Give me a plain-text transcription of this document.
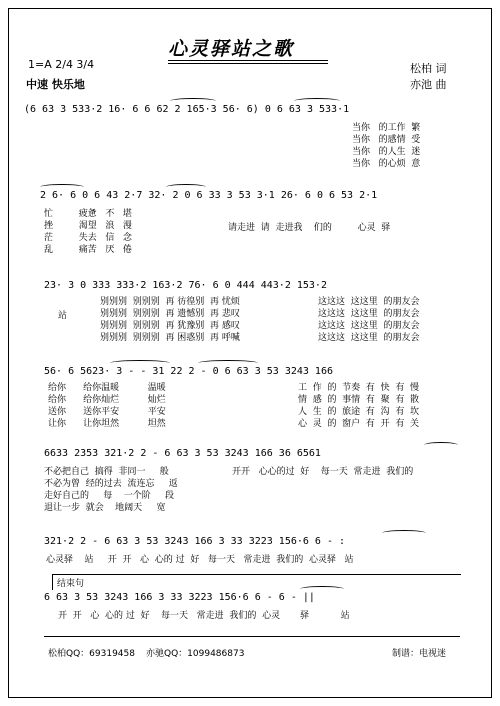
心灵驿站之歌
1=A 2/4 3/4
中速 快乐地
松柏 词
亦池 曲
(6 63 3 533·2 16· 6 6 62 2 165·3 56· 6) 0 6 63 3 533·1
当你   的工作  繁
当你   的感情  受
当你   的人生  迷
当你   的心烦  意
2 6· 6 0 6 43 2·7 32· 2 0 6 33 3 53 3·1 26· 6 0 6 53 2·1
忙         疲惫   不   堪
挫         渴望   浪   漫
茫         失去   信   念
乱         痛苦   厌   倦
请走进  请  走进我    们的         心灵  驿
23· 3 0 333 333·2 163·2 76· 6 0 444 443·2 153·2
站
别别别  别别别  再 彷徨别  再 忧烦
别别别  别别别  再 遗憾别  再 悲叹
别别别  别别别  再 犹豫别  再 感叹
别别别  别别别  再 困惑别  再 呼喊
这这这  这这里  的朋友会
这这这  这这里  的朋友会
这这这  这这里  的朋友会
这这这  这这里  的朋友会
56· 6 5623· 3 - - 31 22 2 - 0 6 63 3 53 3243 166
给你      给你温暖          温暖
给你      给你灿烂          灿烂
送你      送你平安          平安
让你      让你坦然          坦然
工  作  的  节奏  有  快  有  慢
情  感  的  事情  有  聚  有  散
人  生  的  旅途  有  沟  有  坎
心  灵  的  窗户  有  开  有  关
6633 2353 321·2 2 - 6 63 3 53 3243 166 36 6561
不必把自己  搞得  非同一     般
不必为曾  经的过去  流连忘     返
走好自己的     每    一个阶     段
退让一步  就会    地阔天     宽
开开   心心的过  好    每一天  常走进  我们的
321·2 2 - 6 63 3 53 3243 166 3 33 3223 156·6 6 - :
心灵驿    站     开  开   心  心的 过  好   每一天   常走进  我们的  心灵驿   站
结束句
6 63 3 53 3243 166 3 33 3223 156·6 6 - 6 - ||
开  开   心  心的 过  好    每一天   常走进  我们的  心灵       驿           站
松柏QQ：69319458 亦驰QQ：1099486873	制谱：电视迷
